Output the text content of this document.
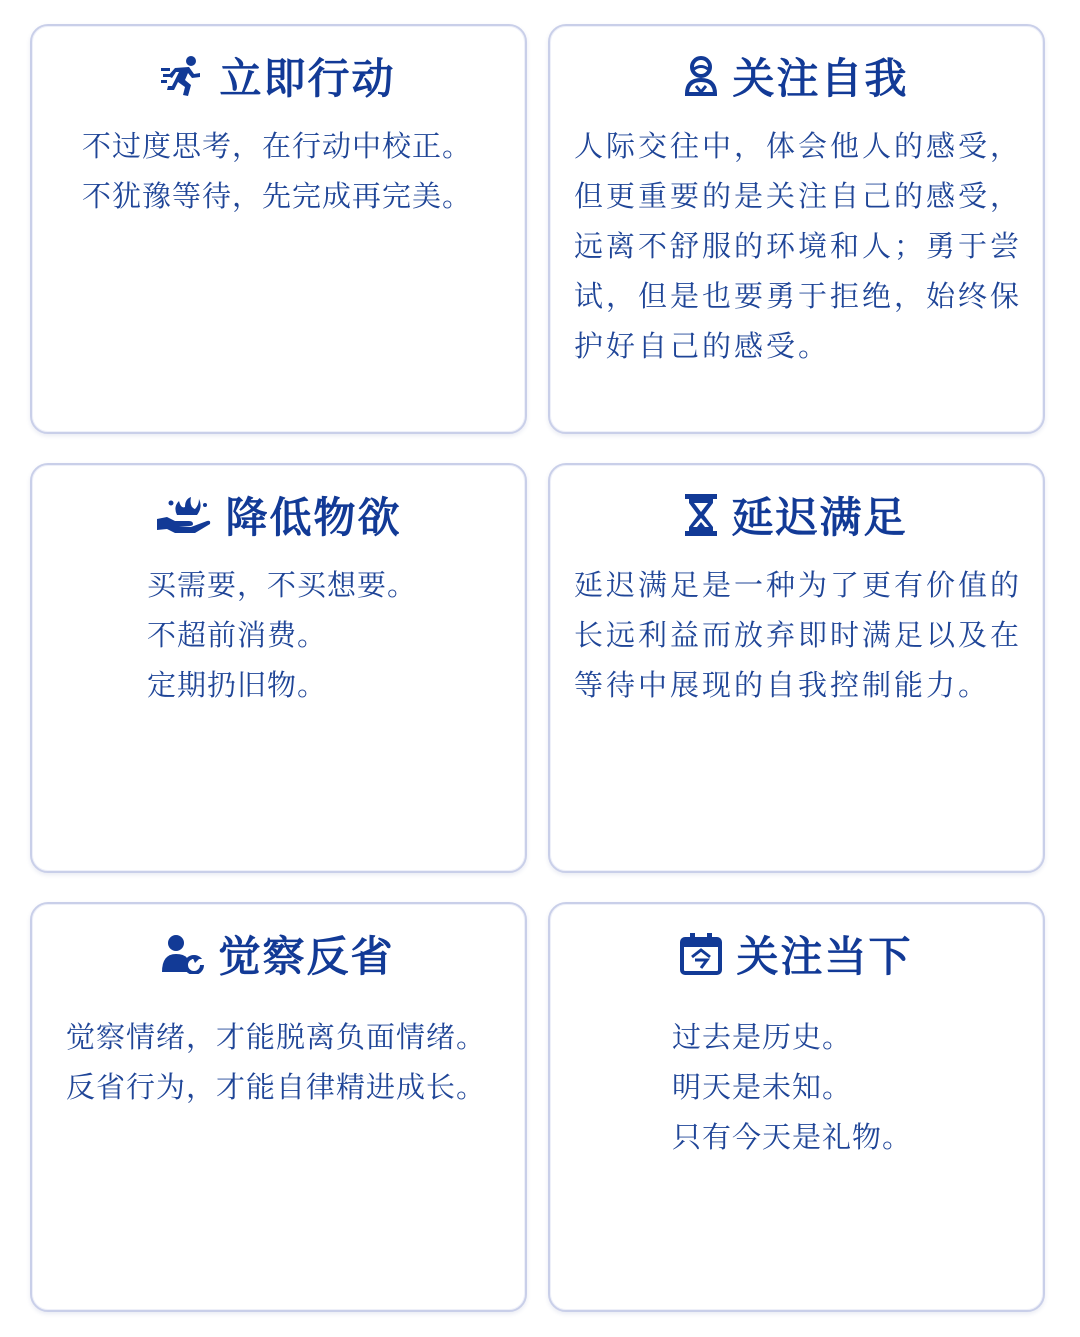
立即行动
不过度思考，在行动中校正。
不犹豫等待，先完成再完美。
关注自我

人际交往中，体会他人的感受，但更重要的是关注自己的感受，远离不舒服的环境和人；勇于尝试，但是也要勇于拒绝，始终保护好自己的感受。

降低物欲
买需要，不买想要。
不超前消费。
定期扔旧物。
延迟满足

延迟满足是一种为了更有价值的长远利益而放弃即时满足以及在等待中展现的自我控制能力。

觉察反省
觉察情绪，才能脱离负面情绪。
反省行为，才能自律精进成长。
关注当下
过去是历史。
明天是未知。
只有今天是礼物。
